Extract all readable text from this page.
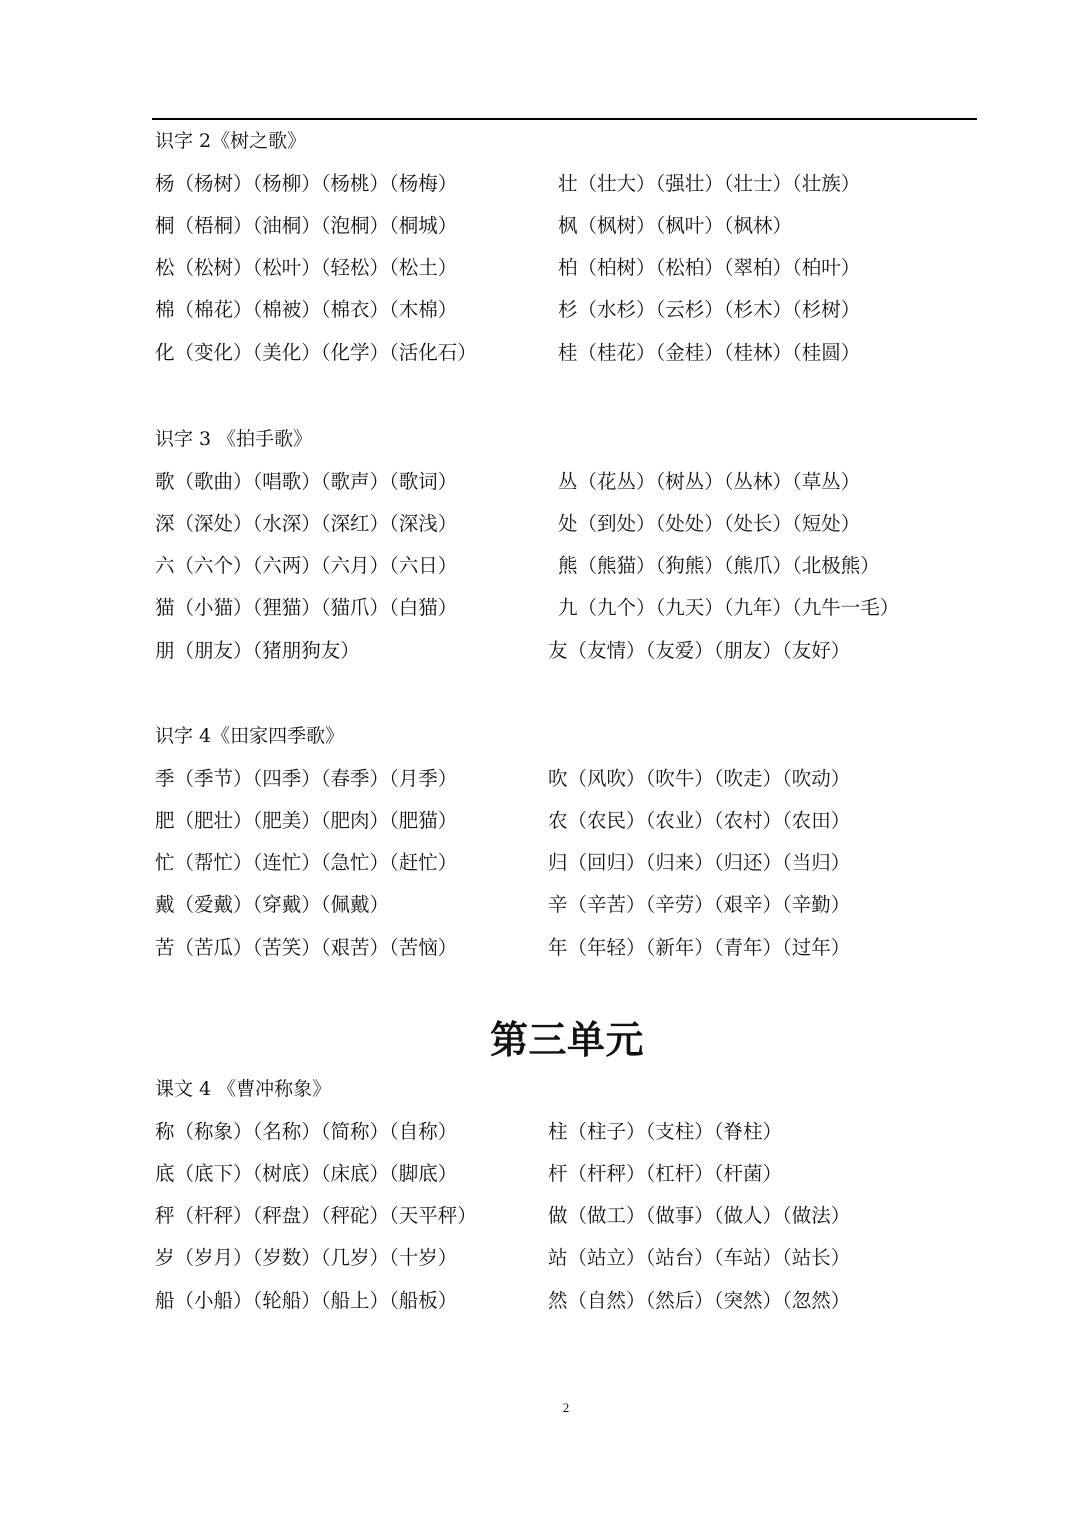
识字 2《树之歌》
杨（杨树）（杨柳）（杨桃）（杨梅）	壮（壮大）（强壮）（壮士）（壮族）
桐（梧桐）（油桐）（泡桐）（桐城）	枫（枫树）（枫叶）（枫林）
松（松树）（松叶）（轻松）（松土）	柏（柏树）（松柏）（翠柏）（柏叶）
棉（棉花）（棉被）（棉衣）（木棉）	杉（水杉）（云杉）（杉木）（杉树）
化（变化）（美化）（化学）（活化石）	桂（桂花）（金桂）（桂林）（桂圆）
识字 3 《拍手歌》
歌（歌曲）（唱歌）（歌声）（歌词）	丛（花丛）（树丛）（丛林）（草丛）
深（深处）（水深）（深红）（深浅）	处（到处）（处处）（处长）（短处）
六（六个）（六两）（六月）（六日）	熊（熊猫）（狗熊）（熊爪）（北极熊）
猫（小猫）（狸猫）（猫爪）（白猫）	九（九个）（九天）（九年）（九牛一毛）
朋（朋友）（猪朋狗友）	友（友情）（友爱）（朋友）（友好）
识字 4《田家四季歌》
季（季节）（四季）（春季）（月季）	吹（风吹）（吹牛）（吹走）（吹动）
肥（肥壮）（肥美）（肥肉）（肥猫）	农（农民）（农业）（农村）（农田）
忙（帮忙）（连忙）（急忙）（赶忙）	归（回归）（归来）（归还）（当归）
戴（爱戴）（穿戴）（佩戴）	辛（辛苦）（辛劳）（艰辛）（辛勤）
苦（苦瓜）（苦笑）（艰苦）（苦恼）	年（年轻）（新年）（青年）（过年）
第三单元
课文 4 《曹冲称象》
称（称象）（名称）（简称）（自称）	柱（柱子）（支柱）（脊柱）
底（底下）（树底）（床底）（脚底）	杆（杆秤）（杠杆）（杆菌）
秤（杆秤）（秤盘）（秤砣）（天平秤）	做（做工）（做事）（做人）（做法）
岁（岁月）（岁数）（几岁）（十岁）	站（站立）（站台）（车站）（站长）
船（小船）（轮船）（船上）（船板）	然（自然）（然后）（突然）（忽然）
2
